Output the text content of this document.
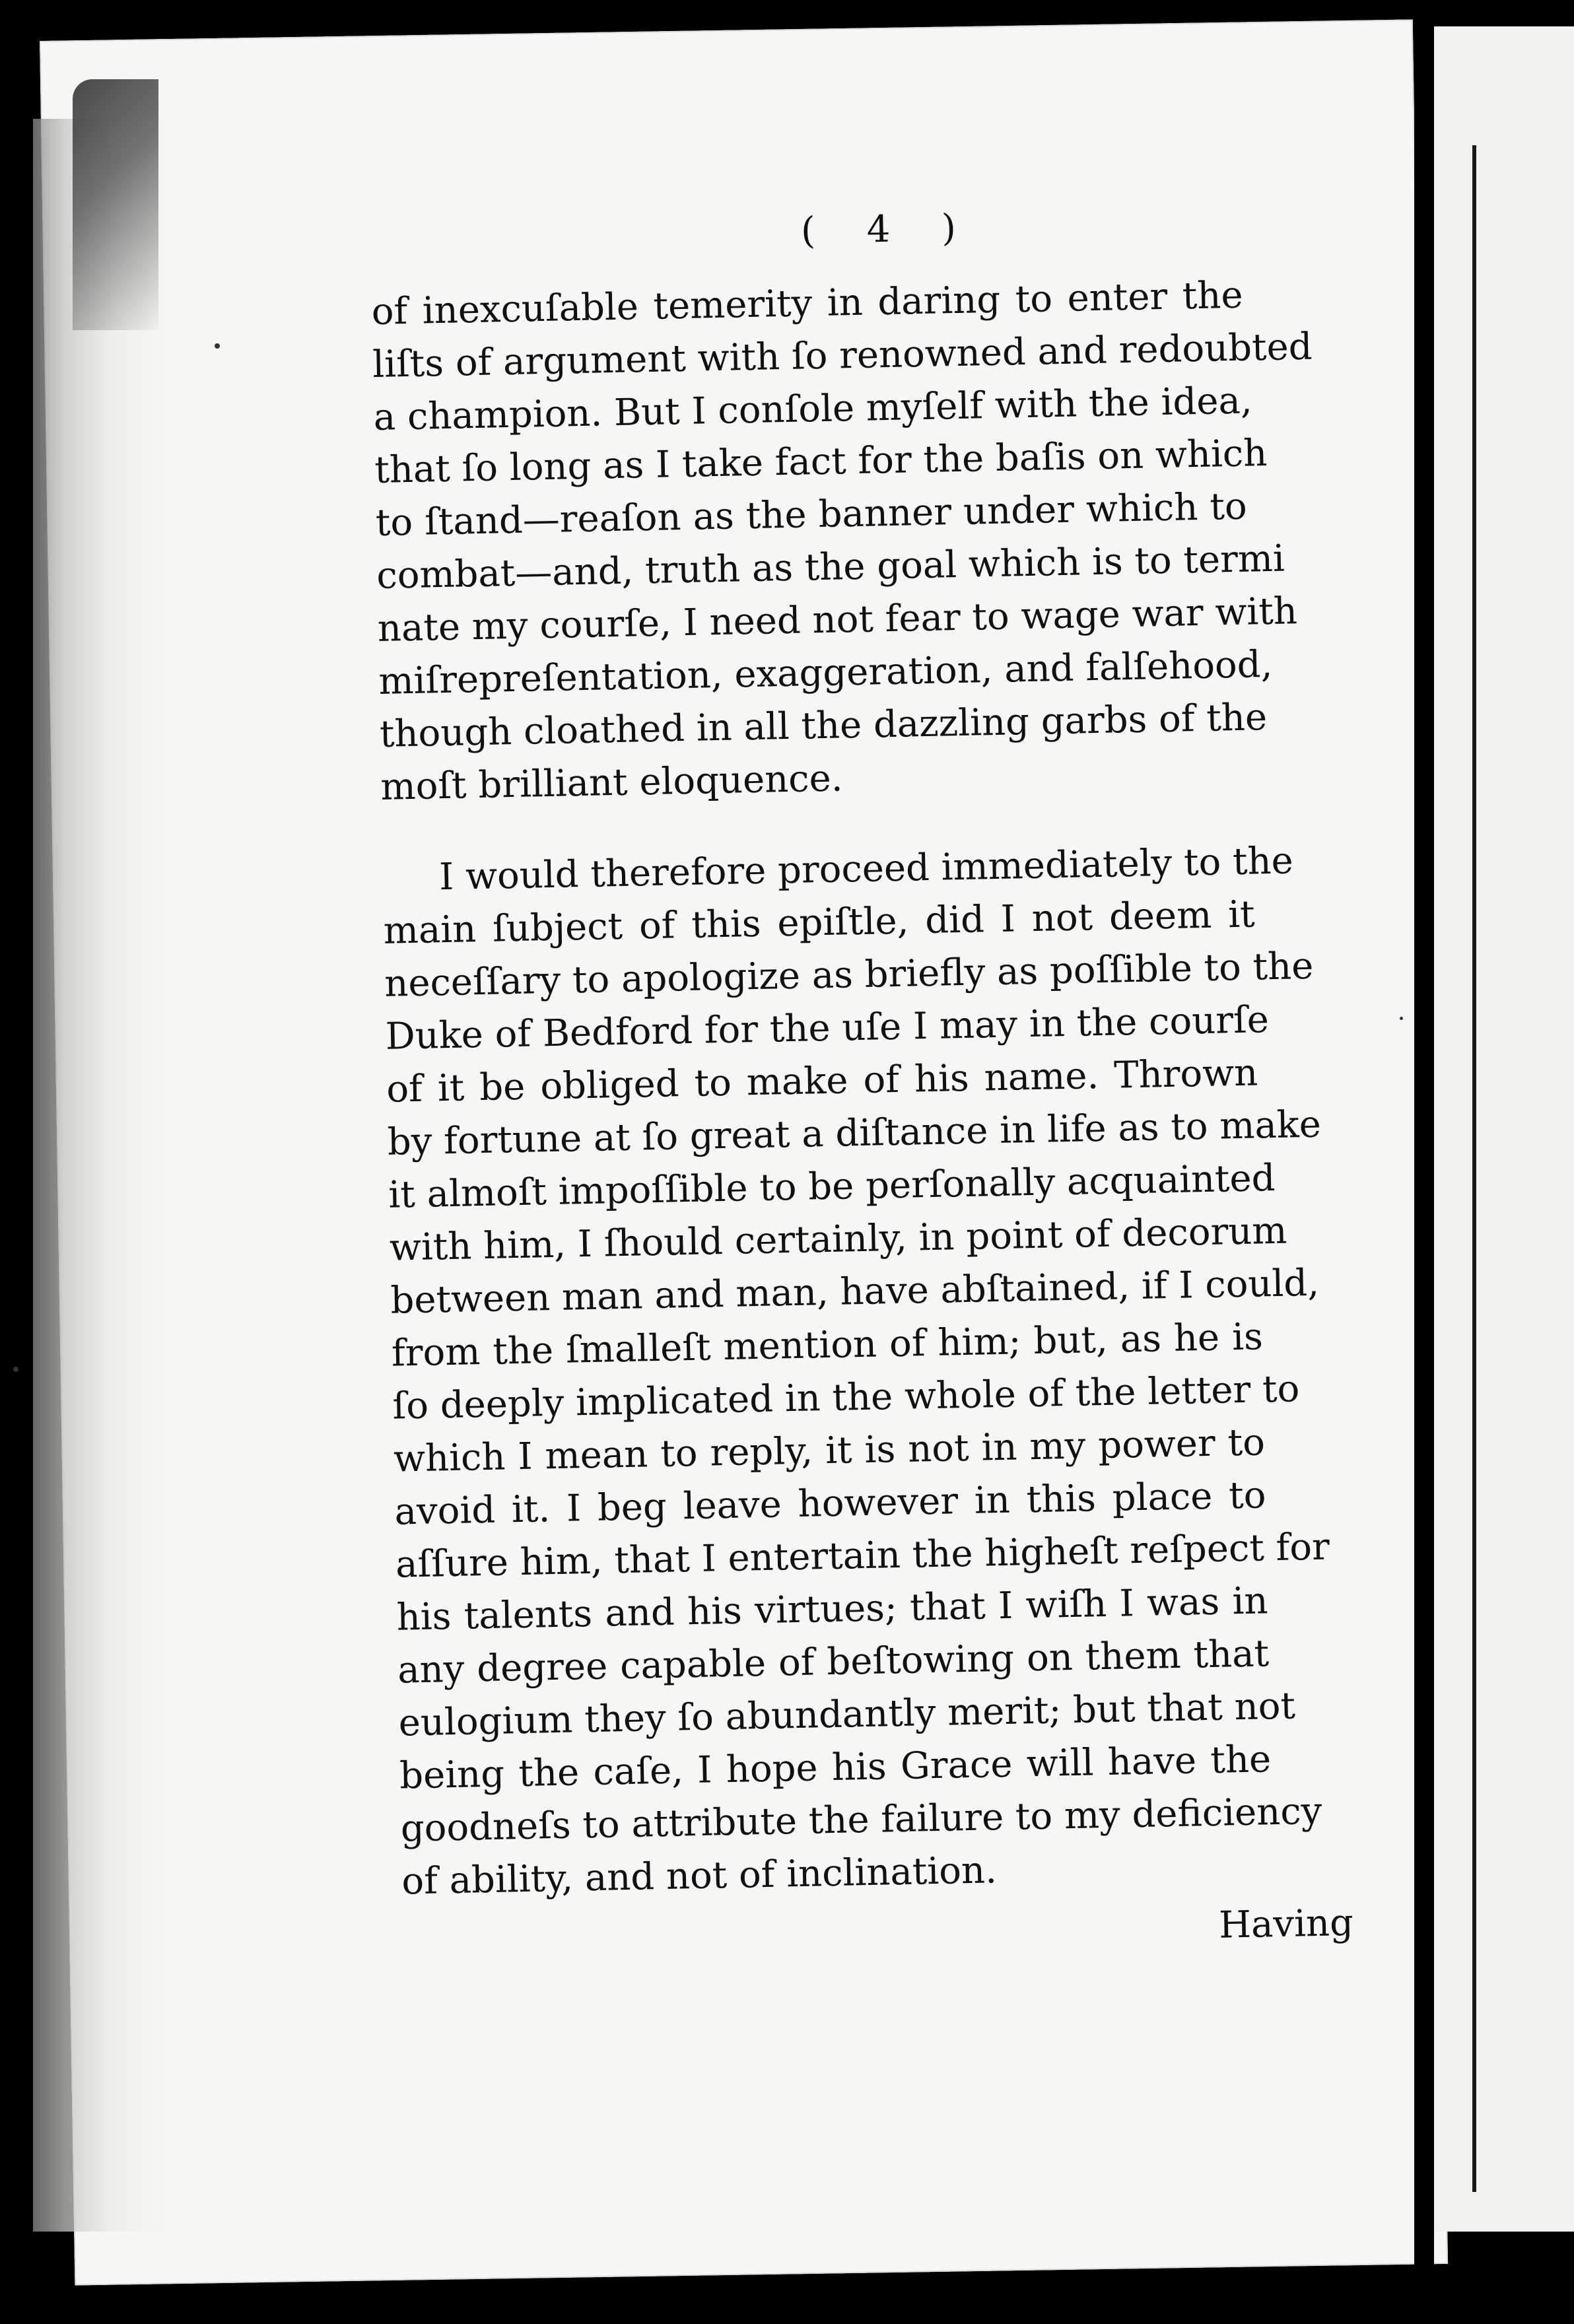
( 4 )
of inexcuſable temerity in daring to enter the
liſts of argument with ſo renowned and redoubted
a champion. But I conſole myſelf with the idea,
that ſo long as I take fact for the baſis on which
to ſtand—reaſon as the banner under which to
combat—and, truth as the goal which is to termi
nate my courſe, I need not fear to wage war with
miſrepreſentation, exaggeration, and falſehood,
though cloathed in all the dazzling garbs of the
moſt brilliant eloquence.
I would therefore proceed immediately to the
main ſubject of this epiſtle, did I not deem it
neceſſary to apologize as briefly as poſſible to the
Duke of Bedford for the uſe I may in the courſe
of it be obliged to make of his name. Thrown
by fortune at ſo great a diſtance in life as to make
it almoſt impoſſible to be perſonally acquainted
with him, I ſhould certainly, in point of decorum
between man and man, have abſtained, if I could,
from the ſmalleſt mention of him; but, as he is
ſo deeply implicated in the whole of the letter to
which I mean to reply, it is not in my power to
avoid it. I beg leave however in this place to
aſſure him, that I entertain the higheſt reſpect for
his talents and his virtues; that I wiſh I was in
any degree capable of beſtowing on them that
eulogium they ſo abundantly merit; but that not
being the caſe, I hope his Grace will have the
goodneſs to attribute the failure to my deficiency
of ability, and not of inclination.
Having
